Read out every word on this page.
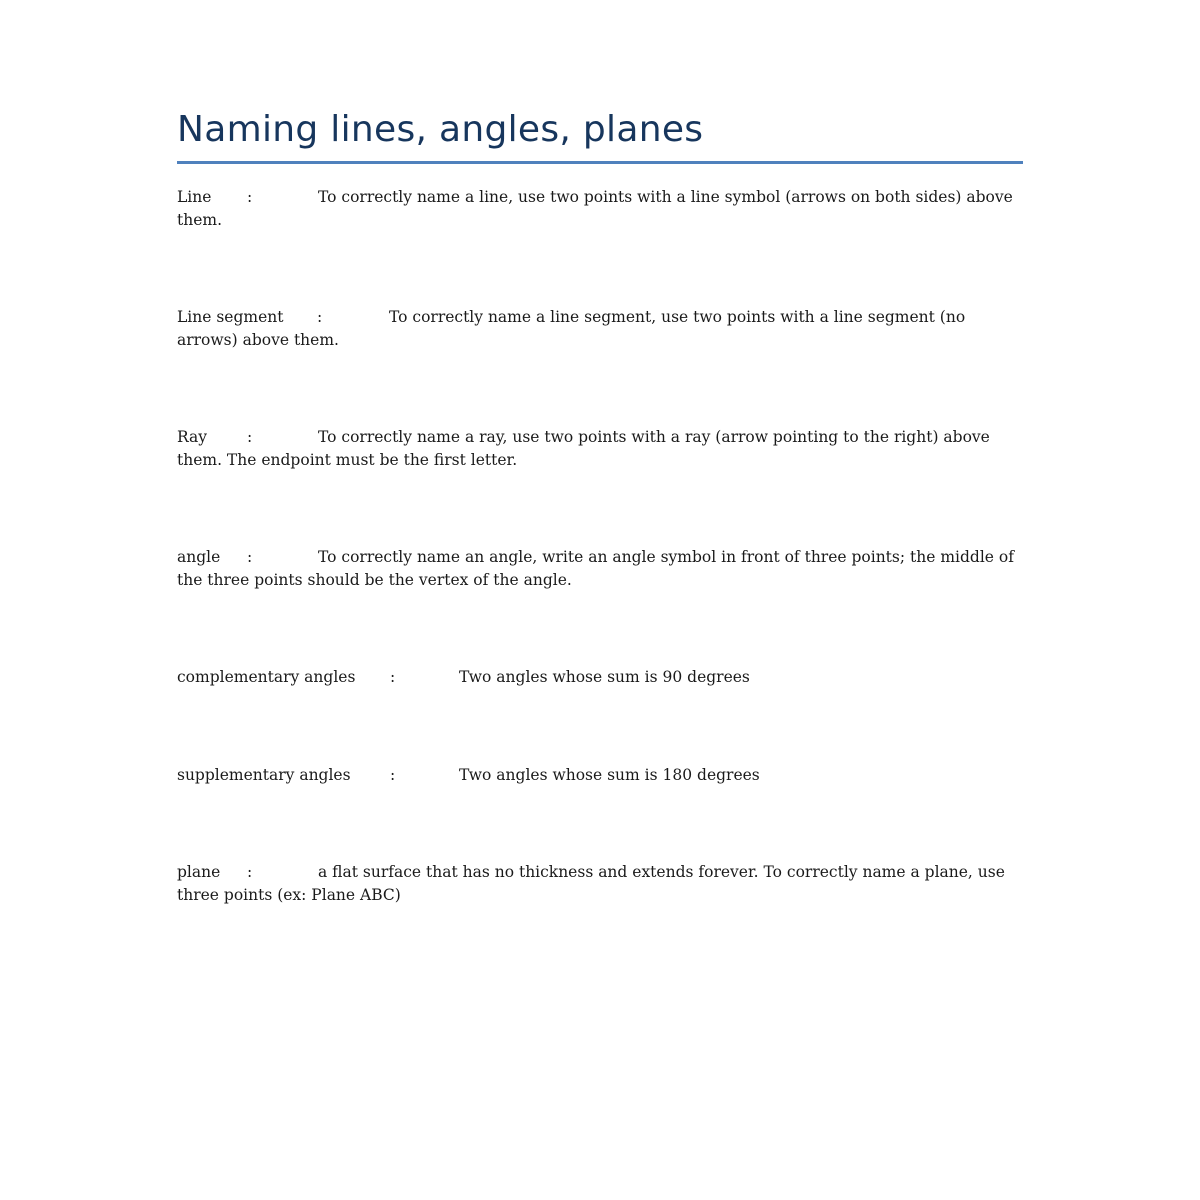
Naming lines, angles, planes
Line :	To correctly name a line, use two points with a line symbol (arrows on both sides) above them.
Line segment :	To correctly name a line segment, use two points with a line segment (no arrows) above them.
Ray	:	To correctly name a ray, use two points with a ray (arrow pointing to the right) above them. The endpoint must be the first letter.
angle :	To correctly name an angle, write an angle symbol in front of three points; the middle of the three points should be the vertex of the angle.
complementary angles :	Two angles whose sum is 90 degrees
supplementary angles	:	Two angles whose sum is 180 degrees
plane :	a flat surface that has no thickness and extends forever. To correctly name a plane, use three points (ex: Plane ABC)
